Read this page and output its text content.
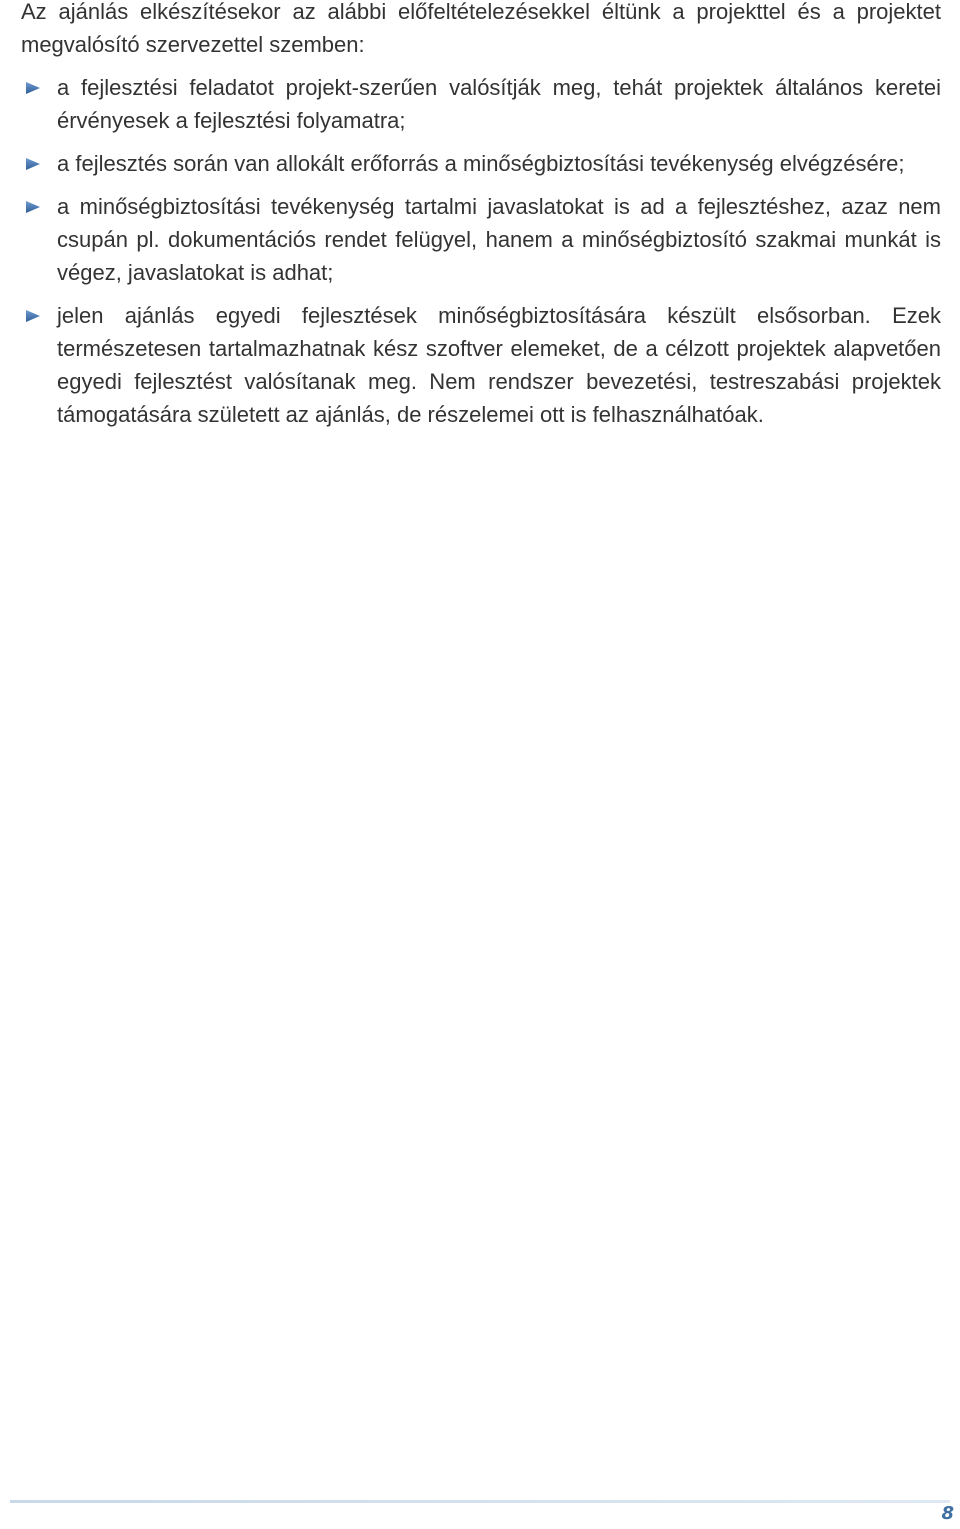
Az ajánlás elkészítésekor az alábbi előfeltételezésekkel éltünk a projekttel és a projektet megvalósító szervezettel szemben:

a fejlesztési feladatot projekt-szerűen valósítják meg, tehát projektek általános keretei érvényesek a fejlesztési folyamatra;
a fejlesztés során van allokált erőforrás a minőségbiztosítási tevékenység elvégzésére;
a minőségbiztosítási tevékenység tartalmi javaslatokat is ad a fejlesztéshez, azaz nem csupán pl. dokumentációs rendet felügyel, hanem a minőségbiztosító szakmai munkát is végez, javaslatokat is adhat;
jelen ajánlás egyedi fejlesztések minőségbiztosítására készült elsősorban. Ezek természetesen tartalmazhatnak kész szoftver elemeket, de a célzott projektek alapvetően egyedi fejlesztést valósítanak meg. Nem rendszer bevezetési, testreszabási projektek támogatására született az ajánlás, de részelemei ott is felhasználhatóak.
8
